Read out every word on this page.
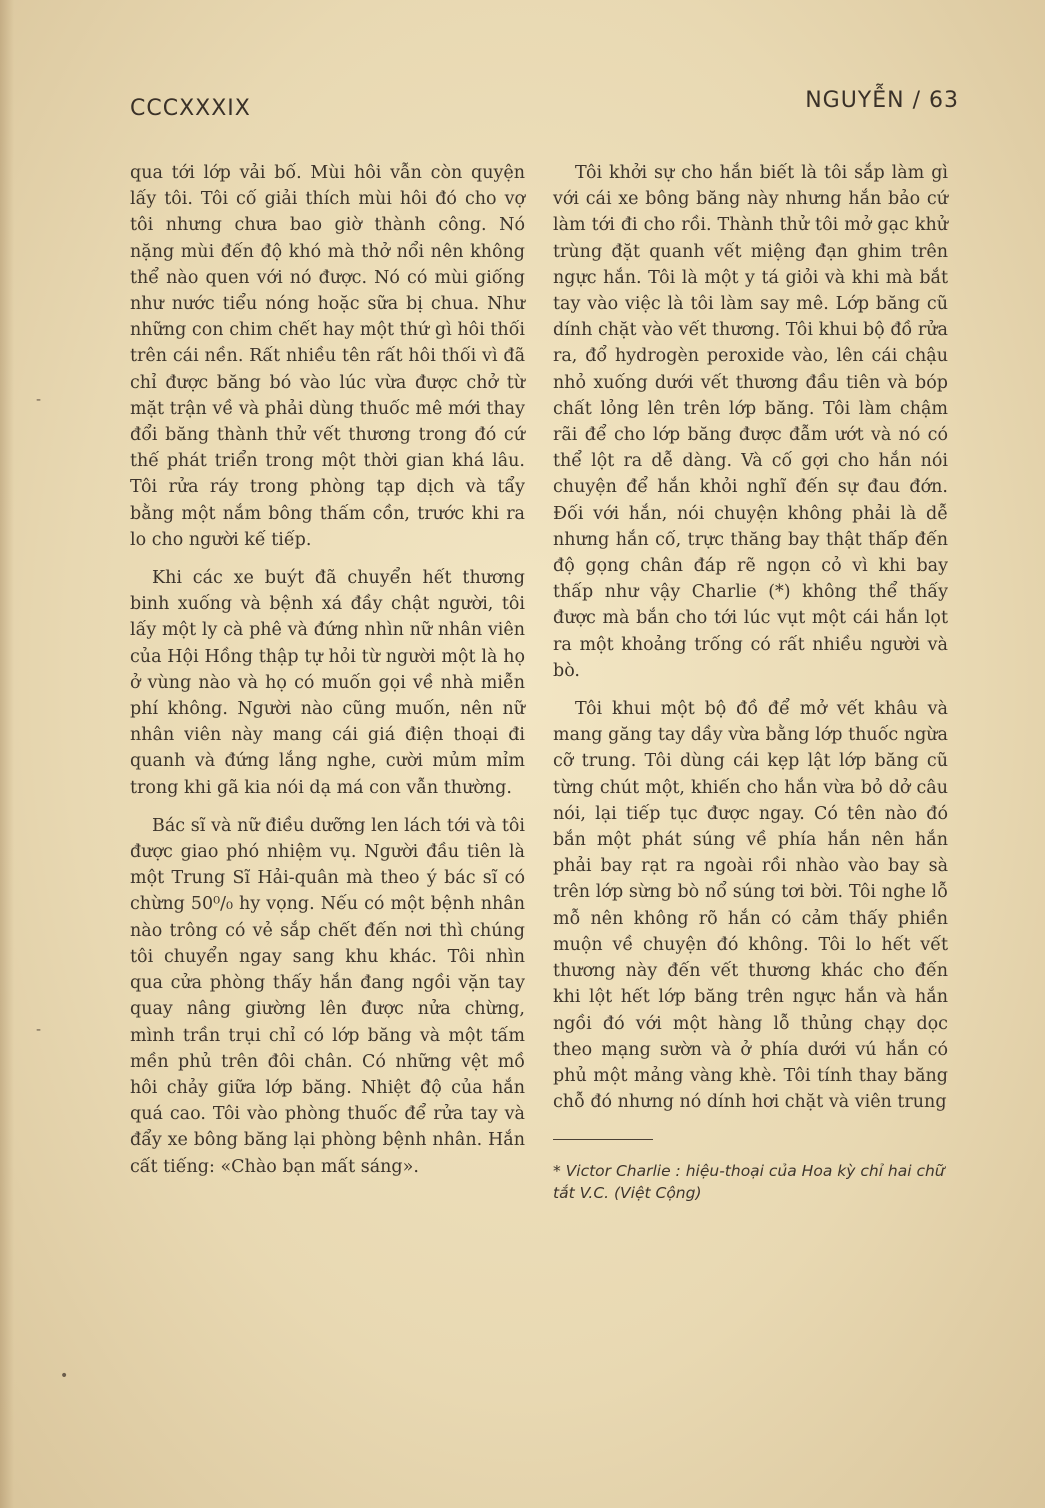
CCCXXXIX	NGUYỄN / 63

qua tới lớp vải bố. Mùi hôi vẫn còn quyện lấy tôi. Tôi cố giải thích mùi hôi đó cho vợ tôi nhưng chưa bao giờ thành công. Nó nặng mùi đến độ khó mà thở nổi nên không thể nào quen với nó được. Nó có mùi giống như nước tiểu nóng hoặc sữa bị chua. Như những con chim chết hay một thứ gì hôi thối trên cái nền. Rất nhiều tên rất hôi thối vì đã chỉ được băng bó vào lúc vừa được chở từ mặt trận về và phải dùng thuốc mê mới thay đổi băng thành thử vết thương trong đó cứ thế phát triển trong một thời gian khá lâu. Tôi rửa ráy trong phòng tạp dịch và tẩy bằng một nắm bông thấm cồn, trước khi ra lo cho người kế tiếp.

Khi các xe buýt đã chuyển hết thương binh xuống và bệnh xá đầy chật người, tôi lấy một ly cà phê và đứng nhìn nữ nhân viên của Hội Hồng thập tự hỏi từ người một là họ ở vùng nào và họ có muốn gọi về nhà miễn phí không. Người nào cũng muốn, nên nữ nhân viên này mang cái giá điện thoại đi quanh và đứng lắng nghe, cười mủm mỉm trong khi gã kia nói dạ má con vẫn thường.

Bác sĩ và nữ điều dưỡng len lách tới và tôi được giao phó nhiệm vụ. Người đầu tiên là một Trung Sĩ Hải-quân mà theo ý bác sĩ có chừng 50⁰/₀ hy vọng. Nếu có một bệnh nhân nào trông có vẻ sắp chết đến nơi thì chúng tôi chuyển ngay sang khu khác. Tôi nhìn qua cửa phòng thấy hắn đang ngồi vặn tay quay nâng giường lên được nửa chừng, mình trần trụi chỉ có lớp băng và một tấm mền phủ trên đôi chân. Có những vệt mồ hôi chảy giữa lớp băng. Nhiệt độ của hắn quá cao. Tôi vào phòng thuốc để rửa tay và đẩy xe bông băng lại phòng bệnh nhân. Hắn cất tiếng: «Chào bạn mất sáng».

Tôi khởi sự cho hắn biết là tôi sắp làm gì với cái xe bông băng này nhưng hắn bảo cứ làm tới đi cho rồi. Thành thử tôi mở gạc khử trùng đặt quanh vết miệng đạn ghim trên ngực hắn. Tôi là một y tá giỏi và khi mà bắt tay vào việc là tôi làm say mê. Lớp băng cũ dính chặt vào vết thương. Tôi khui bộ đồ rửa ra, đổ hydrogèn peroxide vào, lên cái chậu nhỏ xuống dưới vết thương đầu tiên và bóp chất lỏng lên trên lớp băng. Tôi làm chậm rãi để cho lớp băng được đẫm ướt và nó có thể lột ra dễ dàng. Và cố gợi cho hắn nói chuyện để hắn khỏi nghĩ đến sự đau đớn. Đối với hắn, nói chuyện không phải là dễ nhưng hắn cố, trực thăng bay thật thấp đến độ gọng chân đáp rẽ ngọn cỏ vì khi bay thấp như vậy Charlie (*) không thể thấy được mà bắn cho tới lúc vụt một cái hắn lọt ra một khoảng trống có rất nhiều người và bò.

Tôi khui một bộ đồ để mở vết khâu và mang găng tay dầy vừa bằng lớp thuốc ngừa cỡ trung. Tôi dùng cái kẹp lật lớp băng cũ từng chút một, khiến cho hắn vừa bỏ dở câu nói, lại tiếp tục được ngay. Có tên nào đó bắn một phát súng về phía hắn nên hắn phải bay rạt ra ngoài rồi nhào vào bay sà trên lớp sừng bò nổ súng tơi bời. Tôi nghe lỗ mỗ nên không rõ hắn có cảm thấy phiền muộn về chuyện đó không. Tôi lo hết vết thương này đến vết thương khác cho đến khi lột hết lớp băng trên ngực hắn và hắn ngồi đó với một hàng lỗ thủng chạy dọc theo mạng sườn và ở phía dưới vú hắn có phủ một mảng vàng khè. Tôi tính thay băng chỗ đó nhưng nó dính hơi chặt và viên trung

* Victor Charlie : hiệu-thoại của Hoa kỳ chỉ hai chữ tắt V.C. (Việt Cộng)
-
-
•
